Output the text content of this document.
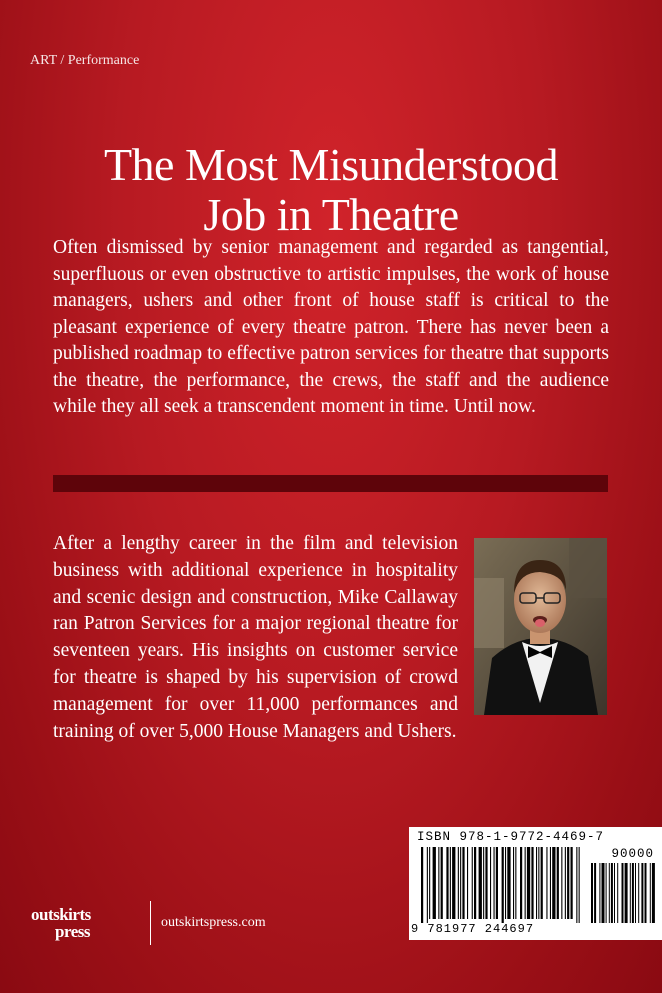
ART / Performance
The Most Misunderstood
Job in Theatre
Often dismissed by senior management and regarded as tangential, superfluous or even obstructive to artistic impulses, the work of house managers, ushers and other front of house staff is critical to the pleasant experience of every theatre patron. There has never been a published roadmap to effective patron services for theatre that supports the theatre, the performance, the crews, the staff and the audience while they all seek a transcendent moment in time. Until now.
After a lengthy career in the film and television business with additional experience in hospitality and scenic design and construction, Mike Callaway ran Patron Services for a major regional theatre for seventeen years. His insights on customer service for theatre is shaped by his supervision of crowd management for over 11,000 performances and training of over 5,000 House Managers and Ushers.
ISBN 978-1-9772-4469-7
90000
9 781977 244697
outskirts
press	outskirtspress.com
